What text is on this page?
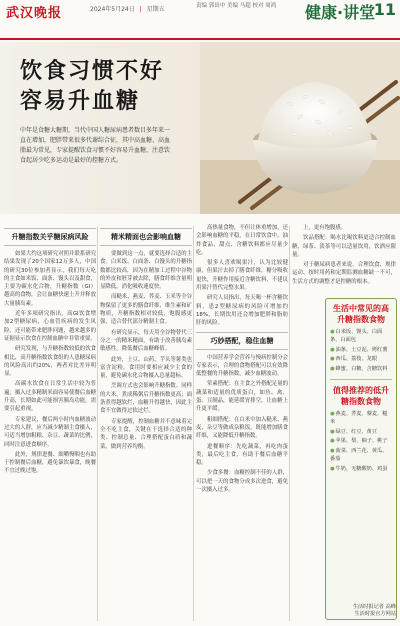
武汉晚报	2024年5月24日 | 星期五	责编 郭田中 美编 马超 校对 周鸿	健康·讲堂
11
饮食习惯不好
容易升血糖
中年是食糖大糖期，当代中国人糖尿病患者数目多年来一直在增加，肥胖带来很多代谢综合征，其中高血糖、高血脂最为常见，专家提醒饮食习惯不好容易升血糖，注意饮食起居少吃多运动是最好的控糖方式。
升糖指数关乎糖尿病风险

如果大约这项研究对照并联系研究结果发现了20个国家12万多人，中国的研究30位参加者显示，我们每天吃的主食如米饭、面条、馒头以及甜食，主要为碳水化合物，升糖指数（GI）越高的食物，会让血糖快速上升并释放大量胰岛素。

近年多项研究指出，高GI饮食增加2型糖尿病、心血管疾病的发生风险，还可能带来肥胖问题，越来越多的证据显示饮食在控制血糖中非常重要。

研究发现，与升糖指数较低的饮食相比，高升糖指数饮食组的人患糖尿病的风险高出约20%，两者对比差异明显。

高碳水饮食在日常生活中较为普遍，摄入过多精制米面容易使餐后血糖升高，长期如此可能损害胰岛功能，需要引起重视。

专家建议，餐后两小时内血糖波动过大的人群，应当减少精制主食摄入，可适当增加粗粮、杂豆、蔬菜的比例，同时注意进食顺序。

此外，规律进餐、细嚼慢咽也有助于控制餐后血糖，避免暴饮暴食，晚餐不宜过晚过饱。

精米精面也会影响血糖

要做到这一点，就要选择合适的主食。白米饭、白面条、白馒头的升糖指数都比较高，因为在精加工过程中谷物的外皮和胚芽被去除，膳食纤维含量明显降低，消化吸收速度快。

而糙米、燕麦、荞麦、玉米等全谷物保留了更多的膳食纤维、维生素和矿物质，升糖指数相对较低，饱腹感更强，适合替代部分精制主食。

有研究显示，每天用全谷物替代三分之一的精米精面，有助于改善胰岛素敏感性，降低餐后血糖峰值。

此外，土豆、山药、芋头等薯类也富含淀粉，食用时要相应减少主食的量，避免碳水化合物摄入总量超标。

烹调方式也会影响升糖指数。同样的大米，煮成稀粥后升糖指数更高；面条煮得越软烂，血糖升得越快，因此主食不宜做得过软过烂。

专家提醒，控制血糖并不意味着完全不吃主食，关键在于选择合适的种类、控制总量、合理搭配蛋白质和蔬菜，做到营养均衡。

高热量食物，不但让体重增加，还会影响血糖的平稳，在日常饮食中，油炸食品、甜点、含糖饮料都应尽量少吃。

很多人喜欢喝果汁，认为比较健康，但果汁去掉了膳食纤维，糖分吸收更快，升糖作用接近含糖饮料，不建议用果汁替代完整水果。

研究人员指出，每天喝一杯含糖饮料，患2型糖尿病的风险可增加约18%，长期饮用还会增加肥胖和脂肪肝的风险。

巧妙搭配，稳住血糖

中国营养学会营养与慢病控制分会专家表示，合理的食物搭配可以有效降低整餐的升糖指数，减少血糖波动。

荤素搭配：在主食之外搭配足量的蔬菜和适量的优质蛋白，如鱼、禽、蛋、豆制品，能延缓胃排空，让血糖上升更平缓。

粗细搭配：在白米中加入糙米、燕麦、杂豆等做成杂粮饭，既能增加膳食纤维，又能降低升糖指数。

进餐顺序：先吃蔬菜，再吃肉蛋类，最后吃主食，有助于餐后血糖平稳。

少食多餐：血糖控制不佳的人群，可以把一天的食物分成多次进食，避免一次摄入过多。

上，更有饱腹感。

饮品搭配：喝水比喝饮料更适合控制血糖，绿茶、淡茶等可以适量饮用，饮酒应限量。

对于糖尿病患者来说，合理饮食、规律运动、按时用药和定期监测血糖缺一不可，生活方式的调整才是控糖的根本。

生活中常见的高升糖指数食物
●白米饭、馒头、白面条、白面包
●油条、土豆泥、烤红薯
●西瓜、荔枝、龙眼
●蜂蜜、白糖、含糖饮料
值得推荐的低升糖指数食物
●燕麦、荞麦、藜麦、糙米
●绿豆、红豆、黄豆
●苹果、梨、柚子、桃子
●菠菜、西兰花、黄瓜、番茄
●牛奶、无糖酸奶、鸡蛋
生活时报记者 高峰
生活时报官方网站
